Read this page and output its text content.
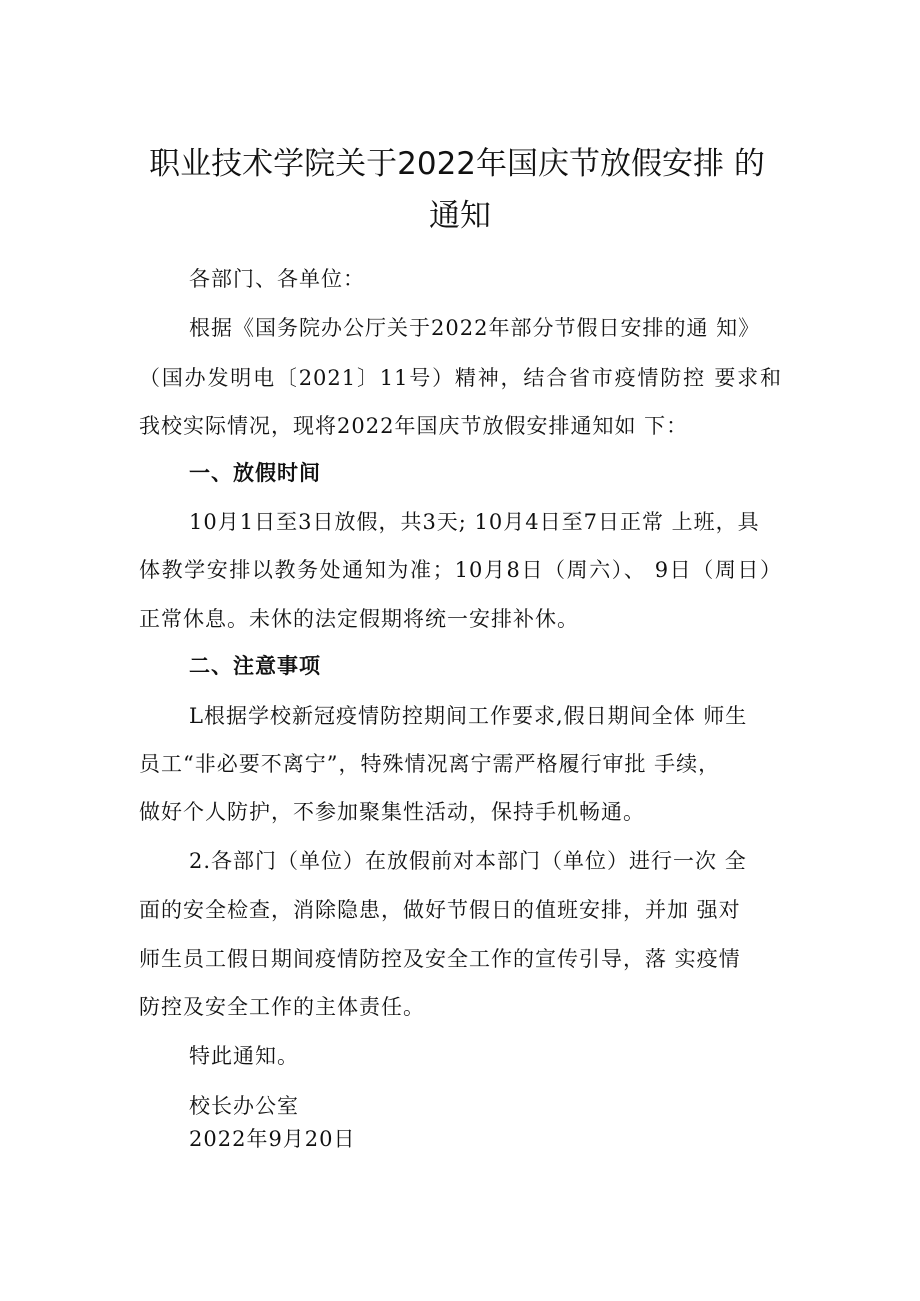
职业技术学院关于2022年国庆节放假安排 的
通知

各部门、各单位：

根据《国务院办公厅关于2022年部分节假日安排的通 知》

（国办发明电〔2021〕11号）精神，结合省市疫情防控 要求和

我校实际情况，现将2022年国庆节放假安排通知如 下：

一、放假时间

10月1日至3日放假，共3天; 10月4日至7日正常 上班，具

体教学安排以教务处通知为准；10月8日（周六）、 9日（周日）

正常休息。未休的法定假期将统一安排补休。

二、注意事项

L根据学校新冠疫情防控期间工作要求,假日期间全体 师生

员工“非必要不离宁”，特殊情况离宁需严格履行审批 手续，

做好个人防护，不参加聚集性活动，保持手机畅通。

2.各部门（单位）在放假前对本部门（单位）进行一次 全

面的安全检查，消除隐患，做好节假日的值班安排，并加 强对

师生员工假日期间疫情防控及安全工作的宣传引导，落 实疫情

防控及安全工作的主体责任。

特此通知。

校长办公室

2022年9月20日
